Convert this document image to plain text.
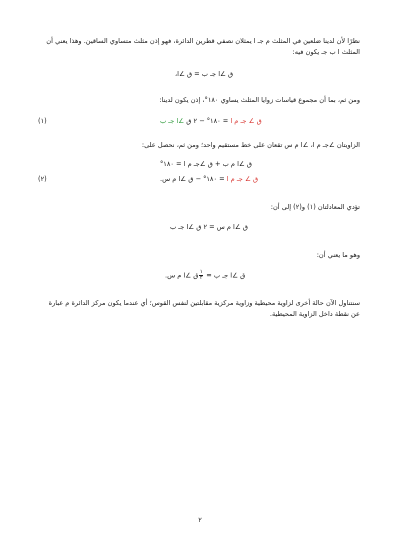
نظرًا لأن لدينا ضلعين في المثلث م جـ ا يمثلان نصفي قطرين الدائرة، فهو إذن مثلث متساوي الساقين. وهذا يعني أن المثلث ا ب جـ يكون فيه:
ق ∠ا جـ ب = ق ∠ا،
ومن ثم، بما أن مجموع قياسات زوايا المثلث يساوي ١٨٠°، إذن يكون لدينا:
ق ∠ جـ م ا = ١٨٠° − ٢ ق ∠ا جـ ب
(١)
الزاويتان ∠جـ م ا، ∠ا م س تقعان على خط مستقيم واحد؛ ومن ثم، نحصل على:
ق ∠ا م ب + ق ∠جـ م ا = ١٨٠°
ق ∠ جـ م ا = ١٨٠° − ق ∠ا م س.
(٢)
تؤدي المعادلتان (١) و(٢) إلى أن:
ق ∠ا م س = ٢ ق ∠ا جـ ب
وهو ما يعني أن:
ق ∠ا جـ ب =
$\frac{١}{٢}$
ق ∠ا م س.
سنتناول الآن حالة أخرى لزاوية محيطية وزاوية مركزية مقابلتين لنفس القوس؛ أي عندما يكون مركز الدائرة م عبارة عن نقطة داخل الزاوية المحيطية.
٢
